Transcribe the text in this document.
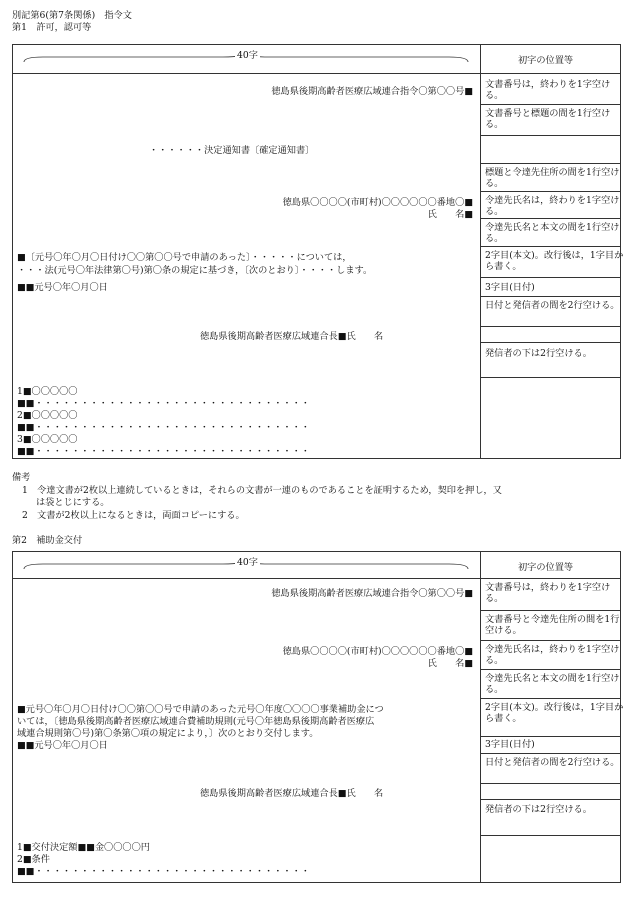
別記第6(第7条関係)　指令文
第1　許可，認可等
40字	初字の位置等
文書番号は，終わりを1字空ける。
文書番号と標題の間を1行空ける。
標題と令達先住所の間を1行空ける。
令達先氏名は，終わりを1字空ける。
令達先氏名と本文の間を1行空ける。
2字目(本文)。改行後は，1字目から書く。
3字目(日付)
日付と発信者の間を2行空ける。
発信者の下は2行空ける。
徳島県後期高齢者医療広域連合指令〇第〇〇号■
・・・・・・決定通知書〔確定通知書〕
徳島県〇〇〇〇(市町村)〇〇〇〇〇〇番地〇■
氏　　名■
■〔元号〇年〇月〇日付け〇〇第〇〇号で申請のあった〕・・・・・については，
・・・法(元号〇年法律第〇号)第〇条の規定に基づき，〔次のとおり〕・・・・します。
■■元号〇年〇月〇日
徳島県後期高齢者医療広域連合長■氏　　名
1■〇〇〇〇〇
■■・・・・・・・・・・・・・・・・・・・・・・・・・・・・・・
2■〇〇〇〇〇
■■・・・・・・・・・・・・・・・・・・・・・・・・・・・・・・
3■〇〇〇〇〇
■■・・・・・・・・・・・・・・・・・・・・・・・・・・・・・・
備考
1　令達文書が2枚以上連続しているときは，それらの文書が一連のものであることを証明するため，契印を押し，又
は袋とじにする。
2　文書が2枚以上になるときは，両面コピーにする。
第2　補助金交付
40字	初字の位置等
文書番号は，終わりを1字空ける。
文書番号と令達先住所の間を1行空ける。
令達先氏名は，終わりを1字空ける。
令達先氏名と本文の間を1行空ける。
2字目(本文)。改行後は，1字目から書く。
3字目(日付)
日付と発信者の間を2行空ける。
発信者の下は2行空ける。
徳島県後期高齢者医療広域連合指令〇第〇〇号■
徳島県〇〇〇〇(市町村)〇〇〇〇〇〇番地〇■
氏　　名■
■元号〇年〇月〇日付け〇〇第〇〇号で申請のあった元号〇年度〇〇〇〇事業補助金につ
いては，〔徳島県後期高齢者医療広域連合費補助規則(元号〇年徳島県後期高齢者医療広
域連合規則第〇号)第〇条第〇項の規定により，〕次のとおり交付します。
■■元号〇年〇月〇日
徳島県後期高齢者医療広域連合長■氏　　名
1■交付決定額■■金〇〇〇〇円
2■条件
■■・・・・・・・・・・・・・・・・・・・・・・・・・・・・・・
